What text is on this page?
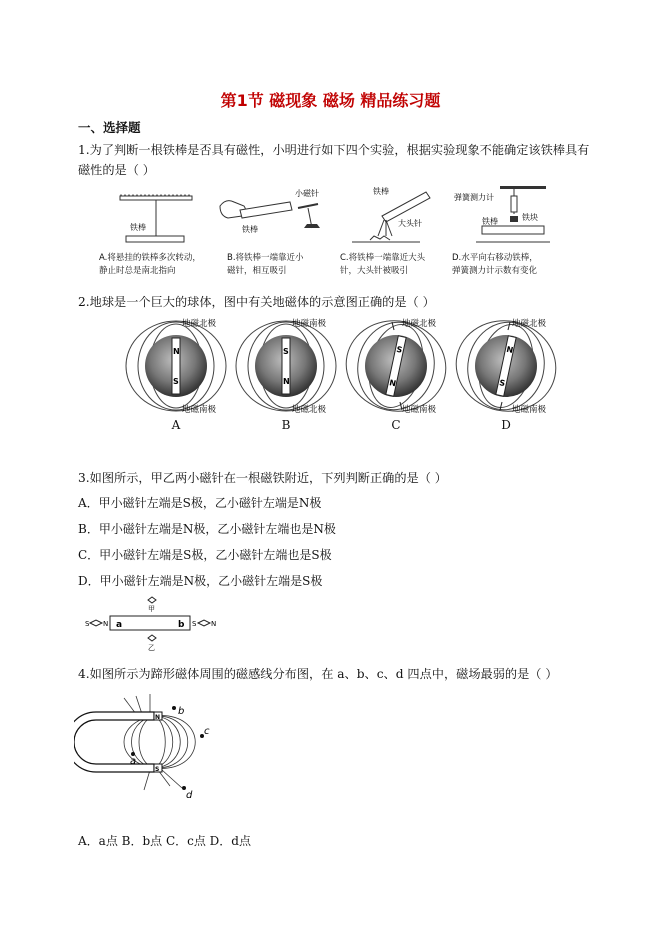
第1节 磁现象 磁场 精品练习题
一、选择题
1.为了判断一根铁棒是否具有磁性，小明进行如下四个实验，根据实验现象不能确定该铁棒具有
磁性的是（ ）
铁棒
小磁针
铁棒
铁棒
大头针
弹簧测力计
铁棒	铁块
A.将悬挂的铁棒多次转动，
静止时总是南北指向
B.将铁棒一端靠近小
磁针，相互吸引
C.将铁棒一端靠近大头
针，大头针被吸引
D.水平向右移动铁棒，
弹簧测力计示数有变化
2.地球是一个巨大的球体，图中有关地磁体的示意图正确的是（ ）
N
S
S
N
S
N
N
S
地磁北极
地磁南极
地磁南极
地磁北极
地磁北极
地磁南极
地磁北极
地磁南极
A	B	C	D
3.如图所示，甲乙两小磁针在一根磁铁附近，下列判断正确的是（ ）
A．甲小磁针左端是S极，乙小磁针左端是N极
B．甲小磁针左端是N极，乙小磁针左端也是N极
C．甲小磁针左端是S极，乙小磁针左端也是S极
D．甲小磁针左端是N极，乙小磁针左端是S极
甲
S N a	b S N
乙
4.如图所示为蹄形磁体周围的磁感线分布图，在 a、b、c、d 四点中，磁场最弱的是（ ）
N
S
a
b
c
d
A．a点 B．b点 C．c点 D．d点
